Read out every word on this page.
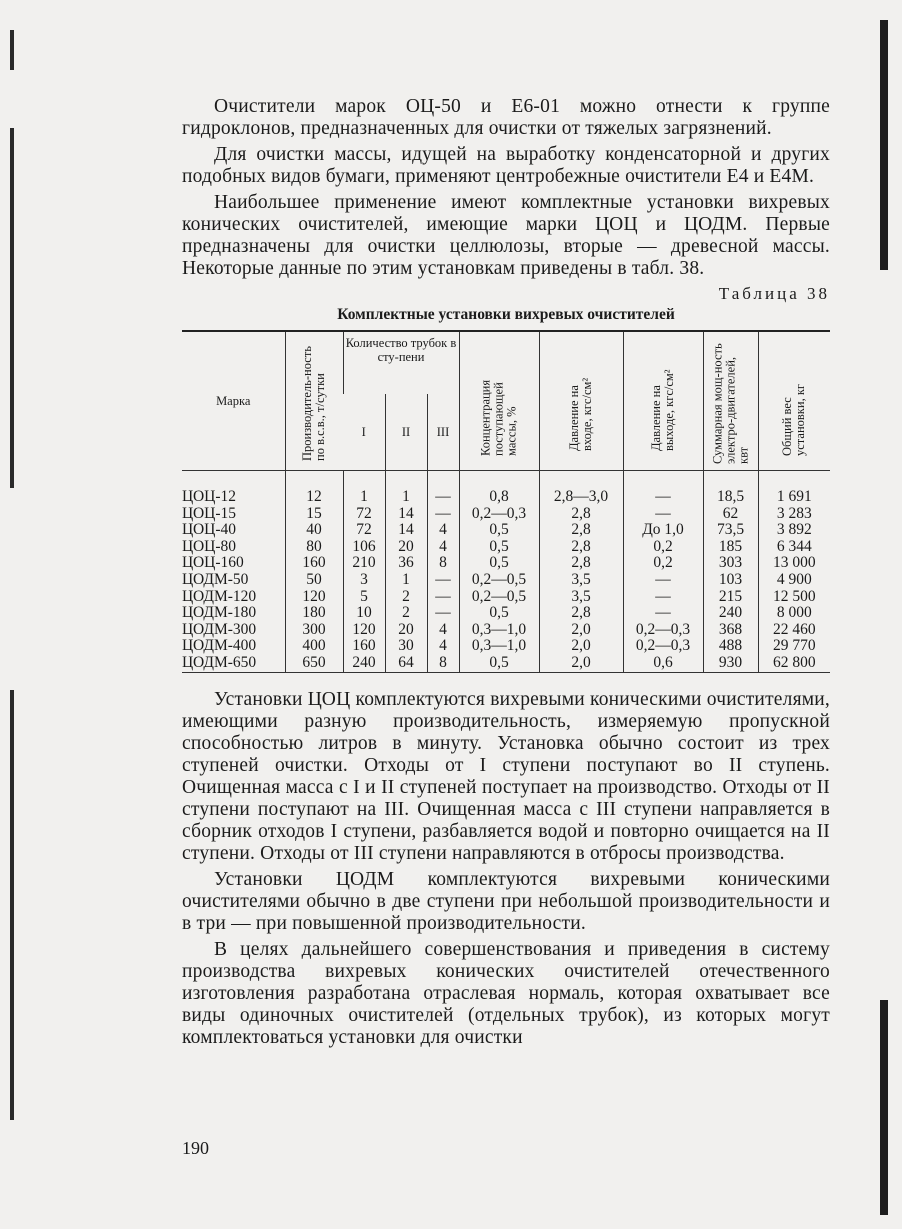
Очистители марок ОЦ-50 и Е6-01 можно отнести к группе гидроклонов, предназначенных для очистки от тяжелых загрязнений.

Для очистки массы, идущей на выработку конденсаторной и других подобных видов бумаги, применяют центробежные очистители Е4 и Е4М.

Наибольшее применение имеют комплектные установки вихревых конических очистителей, имеющие марки ЦОЦ и ЦОДМ. Первые предназначены для очистки целлюлозы, вторые — древесной массы. Некоторые данные по этим установкам приведены в табл. 38.

Таблица 38
Комплектные установки вихревых очистителей
Марка	Производитель-ность по в.с.в., т/сутки	Количество трубок в сту-пени			Концентрация поступающей массы, %	Давление на входе, кгс/см²	Давление на выходе, кгс/см²	Суммарная мощ-ность электро-двигателей, квт	Общий вес установки, кг

		I	II	III					
ЦОЦ-12	12	1	1	—	0,8	2,8—3,0	—	18,5	1 691
ЦОЦ-15	15	72	14	—	0,2—0,3	2,8	—	62	3 283
ЦОЦ-40	40	72	14	4	0,5	2,8	До 1,0	73,5	3 892
ЦОЦ-80	80	106	20	4	0,5	2,8	0,2	185	6 344
ЦОЦ-160	160	210	36	8	0,5	2,8	0,2	303	13 000
ЦОДМ-50	50	3	1	—	0,2—0,5	3,5	—	103	4 900
ЦОДМ-120	120	5	2	—	0,2—0,5	3,5	—	215	12 500
ЦОДМ-180	180	10	2	—	0,5	2,8	—	240	8 000
ЦОДМ-300	300	120	20	4	0,3—1,0	2,0	0,2—0,3	368	22 460
ЦОДМ-400	400	160	30	4	0,3—1,0	2,0	0,2—0,3	488	29 770
ЦОДМ-650	650	240	64	8	0,5	2,0	0,6	930	62 800

Установки ЦОЦ комплектуются вихревыми коническими очистителями, имеющими разную производительность, измеряемую пропускной способностью литров в минуту. Установка обычно состоит из трех ступеней очистки. Отходы от I ступени поступают во II ступень. Очищенная масса с I и II ступеней поступает на производство. Отходы от II ступени поступают на III. Очищенная масса с III ступени направляется в сборник отходов I ступени, разбавляется водой и повторно очищается на II ступени. Отходы от III ступени направляются в отбросы производства.

Установки ЦОДМ комплектуются вихревыми коническими очистителями обычно в две ступени при небольшой производительности и в три — при повышенной производительности.

В целях дальнейшего совершенствования и приведения в систему производства вихревых конических очистителей отечественного изготовления разработана отраслевая нормаль, которая охватывает все виды одиночных очистителей (отдельных трубок), из которых могут комплектоваться установки для очистки

190
